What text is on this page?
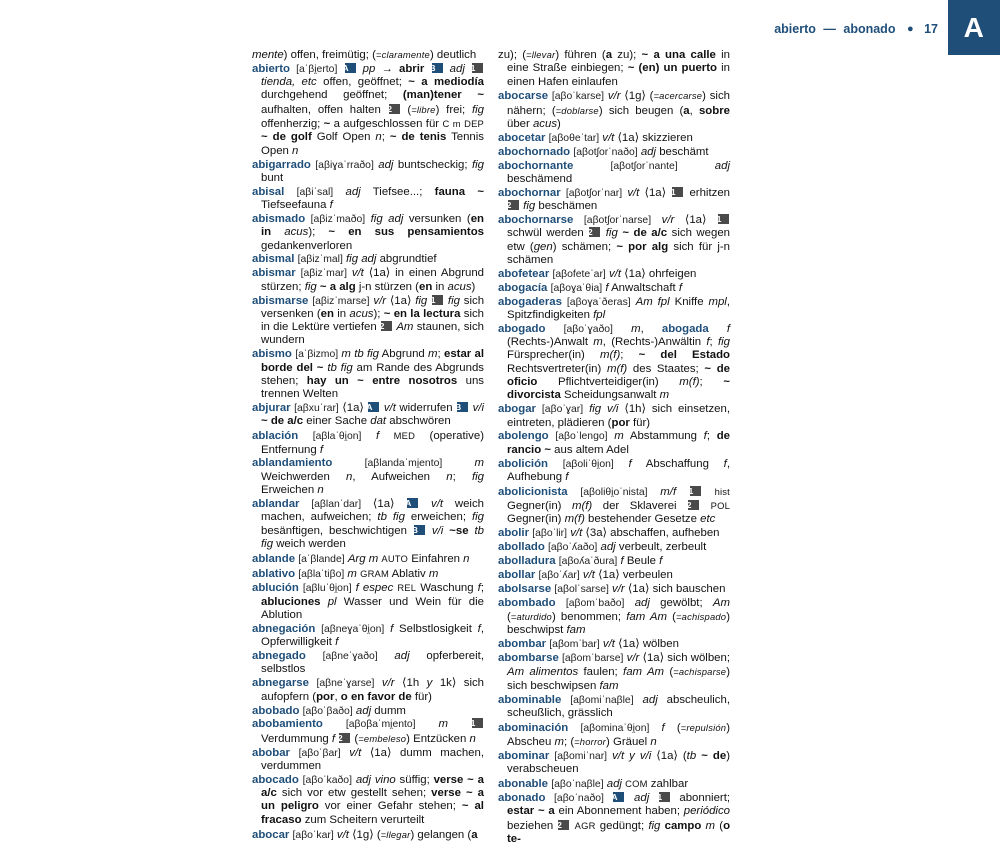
abierto — abonado ● 17 A
mente) offen, freimütig; (=claramente) deutlich
abierto [aˈβi̯erto] A pp → abrir B adj 1 tienda, etc offen, geöffnet; ~ a mediodía durchgehend geöffnet; (man)tener ~ aufhalten, offen halten 2 (=libre) frei; fig offenherzig; ~ a aufgeschlossen für C m DEP ~ de golf Golf Open n; ~ de tenis Tennis Open n
abigarrado [aβiɣaˈrraðo] adj buntscheckig; fig bunt
abisal [aβiˈsal] adj Tiefsee...; fauna ~ Tiefseefauna f
abismado [aβizˈmaðo] fig adj versunken (en in acus); ~ en sus pensamientos gedankenverloren
abismal [aβizˈmal] fig adj abgrundtief
abismar [aβizˈmar] v/t ⟨1a⟩ in einen Abgrund stürzen; fig ~ a alg j-n stürzen (en in acus)
abismarse [aβizˈmarse] v/r ⟨1a⟩ fig 1 fig sich versenken (en in acus); ~ en la lectura sich in die Lektüre vertiefen 2 Am staunen, sich wundern
abismo [aˈβizmo] m tb fig Abgrund m; estar al borde del ~ tb fig am Rande des Abgrunds stehen; hay un ~ entre nosotros uns trennen Welten
abjurar [aβxuˈrar] ⟨1a⟩ A v/t widerrufen B v/i ~ de a/c einer Sache dat abschwören
ablación [aβlaˈθi̯on] f MED (operative) Entfernung f
ablandamiento	[aβlandaˈmi̯ento]	m Weichwerden n, Aufweichen n; fig Erweichen n
ablandar [aβlanˈdar] ⟨1a⟩ A v/t weich machen, aufweichen; tb fig erweichen; fig besänftigen, beschwichtigen B v/i ~se tb fig weich werden
ablande [aˈβlande] Arg m AUTO Einfahren n
ablativo [aβlaˈtiβo] m GRAM Ablativ m
ablución [aβluˈθi̯on] f espec REL Waschung f; abluciones pl Wasser und Wein für die Ablution
abnegación [aβneɣaˈθi̯on] f Selbstlosigkeit f, Opferwilligkeit f
abnegado [aβneˈɣaðo] adj opferbereit, selbstlos
abnegarse [aβneˈɣarse] v/r ⟨1h y 1k⟩ sich aufopfern (por, o en favor de für)
abobado [aβoˈβaðo] adj dumm
abobamiento [aβoβaˈmi̯ento] m	1 Verdummung f 2 (=embeleso) Entzücken n
abobar [aβoˈβar] v/t ⟨1a⟩ dumm machen, verdummen
abocado [aβoˈkaðo] adj vino süffig; verse ~ a a/c sich vor etw gestellt sehen; verse ~ a un peligro vor einer Gefahr stehen; ~ al fracaso zum Scheitern verurteilt
abocar [aβoˈkar] v/t ⟨1g⟩ (=llegar) gelangen (a
zu); (=llevar) führen (a zu); ~ a una calle in eine Straße einbiegen; ~ (en) un puerto in einen Hafen einlaufen
abocarse [aβoˈkarse] v/r ⟨1g⟩ (=acercarse) sich nähern; (=doblarse) sich beugen (a, sobre über acus)
abocetar [aβoθeˈtar] v/t ⟨1a⟩ skizzieren
abochornado [aβotʃorˈnaðo] adj beschämt
abochornante	[aβotʃorˈnante]	adj beschämend
abochornar [aβotʃorˈnar] v/t ⟨1a⟩ 1 erhitzen 2 fig beschämen
abochornarse [aβotʃorˈnarse] v/r ⟨1a⟩ 1 schwül werden 2 fig ~ de a/c sich wegen etw (gen) schämen; ~ por alg sich für j-n schämen
abofetear [aβofeteˈar] v/t ⟨1a⟩ ohrfeigen
abogacía [aβoɣaˈθia] f Anwaltschaft f
abogaderas [aβoɣaˈðeras] Am fpl Kniffe mpl, Spitzfindigkeiten fpl
abogado [aβoˈɣaðo] m, abogada f (Rechts-)Anwalt m, (Rechts-)Anwältin f; fig Fürsprecher(in) m(f); ~ del Estado Rechtsvertreter(in) m(f) des Staates; ~ de oficio Pflichtverteidiger(in) m(f); ~ divorcista Scheidungsanwalt m
abogar [aβoˈɣar] fig v/i ⟨1h⟩ sich einsetzen, eintreten, plädieren (por für)
abolengo [aβoˈlengo] m Abstammung f; de rancio ~ aus altem Adel
abolición [aβoliˈθi̯on] f Abschaffung f, Aufhebung f
abolicionista [aβoliθi̯oˈnista] m/f 1 hist Gegner(in) m(f) der Sklaverei 2 POL Gegner(in) m(f) bestehender Gesetze etc
abolir [aβoˈlir] v/t ⟨3a⟩ abschaffen, aufheben
abollado [aβoˈʎaðo] adj verbeult, zerbeult
abolladura [aβoʎaˈðura] f Beule f
abollar [aβoˈʎar] v/t ⟨1a⟩ verbeulen
abolsarse [aβolˈsarse] v/r ⟨1a⟩ sich bauschen
abombado [aβomˈbaðo] adj gewölbt; Am (=aturdido) benommen; fam Am (=achispado) beschwipst fam
abombar [aβomˈbar] v/t ⟨1a⟩ wölben
abombarse [aβomˈbarse] v/r ⟨1a⟩ sich wölben; Am alimentos faulen; fam Am (=achisparse) sich beschwipsen fam
abominable [aβomiˈnaβle] adj abscheulich, scheußlich, grässlich
abominación [aβominaˈθi̯on] f (=repulsión) Abscheu m; (=horror) Gräuel n
abominar [aβomiˈnar] v/t y v/i ⟨1a⟩ (tb ~ de) verabscheuen
abonable [aβoˈnaβle] adj COM zahlbar
abonado [aβoˈnaðo] A adj 1 abonniert; estar ~ a ein Abonnement haben; periódico beziehen 2 AGR gedüngt; fig campo m (o te-
